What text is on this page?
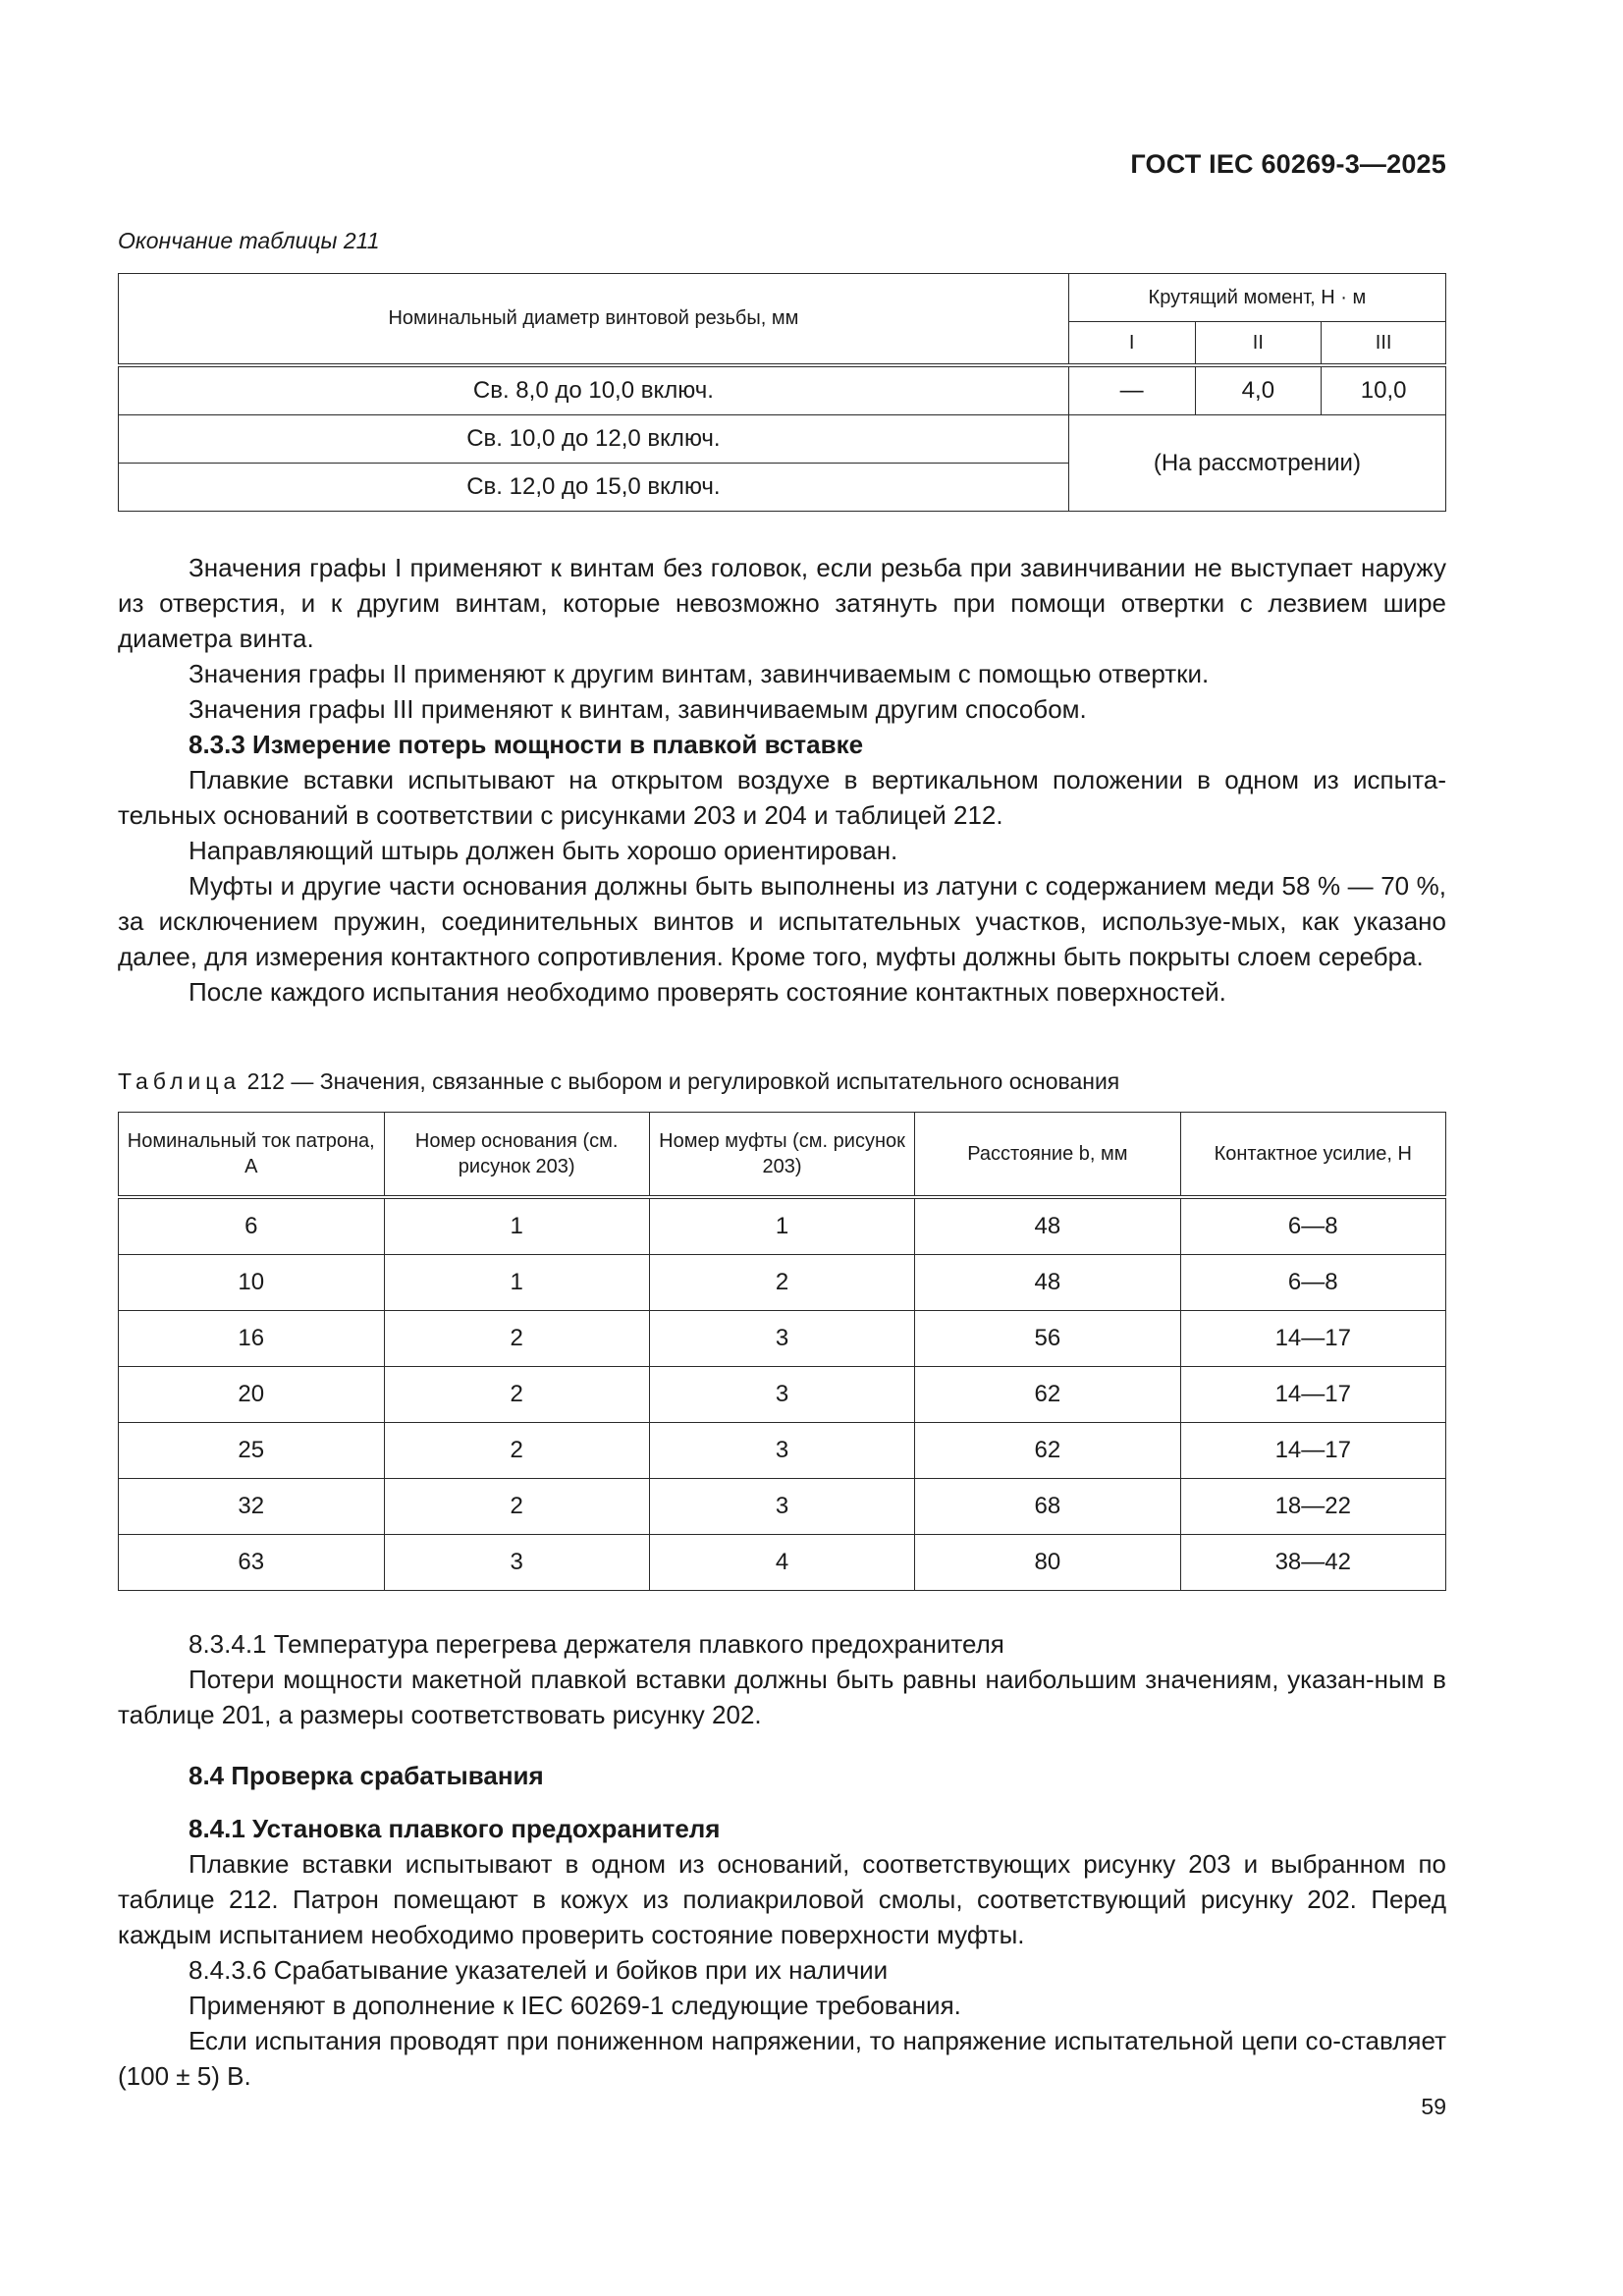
ГОСТ IEC 60269-3—2025
Окончание таблицы 211
Номинальный диаметр винтовой резьбы, мм	Крутящий момент, Н · м		
	I	II	III
Св. 8,0 до 10,0 включ.	—	4,0	10,0
Св. 10,0 до 12,0 включ.	(На рассмотрении)		
Св. 12,0 до 15,0 включ.			

Значения графы I применяют к винтам без головок, если резьба при завинчивании не выступает наружу из отверстия, и к другим винтам, которые невозможно затянуть при помощи отвертки с лезвием шире диаметра винта.

Значения графы II применяют к другим винтам, завинчиваемым с помощью отвертки.

Значения графы III применяют к винтам, завинчиваемым другим способом.

8.3.3 Измерение потерь мощности в плавкой вставке

Плавкие вставки испытывают на открытом воздухе в вертикальном положении в одном из испыта-тельных оснований в соответствии с рисунками 203 и 204 и таблицей 212.

Направляющий штырь должен быть хорошо ориентирован.

Муфты и другие части основания должны быть выполнены из латуни с содержанием меди 58 % — 70 %, за исключением пружин, соединительных винтов и испытательных участков, используе-мых, как указано далее, для измерения контактного сопротивления. Кроме того, муфты должны быть покрыты слоем серебра.

После каждого испытания необходимо проверять состояние контактных поверхностей.

Таблица 212 — Значения, связанные с выбором и регулировкой испытательного основания
Номинальный ток патрона, А	Номер основания (см. рисунок 203)	Номер муфты (см. рисунок 203)	Расстояние b, мм	Контактное усилие, Н
6	1	1	48	6—8
10	1	2	48	6—8
16	2	3	56	14—17
20	2	3	62	14—17
25	2	3	62	14—17
32	2	3	68	18—22
63	3	4	80	38—42

8.3.4.1 Температура перегрева держателя плавкого предохранителя

Потери мощности макетной плавкой вставки должны быть равны наибольшим значениям, указан-ным в таблице 201, а размеры соответствовать рисунку 202.

8.4 Проверка срабатывания
8.4.1 Установка плавкого предохранителя

Плавкие вставки испытывают в одном из оснований, соответствующих рисунку 203 и выбранном по таблице 212. Патрон помещают в кожух из полиакриловой смолы, соответствующий рисунку 202. Перед каждым испытанием необходимо проверить состояние поверхности муфты.

8.4.3.6 Срабатывание указателей и бойков при их наличии

Применяют в дополнение к IEC 60269-1 следующие требования.

Если испытания проводят при пониженном напряжении, то напряжение испытательной цепи со-ставляет (100 ± 5) В.

59
